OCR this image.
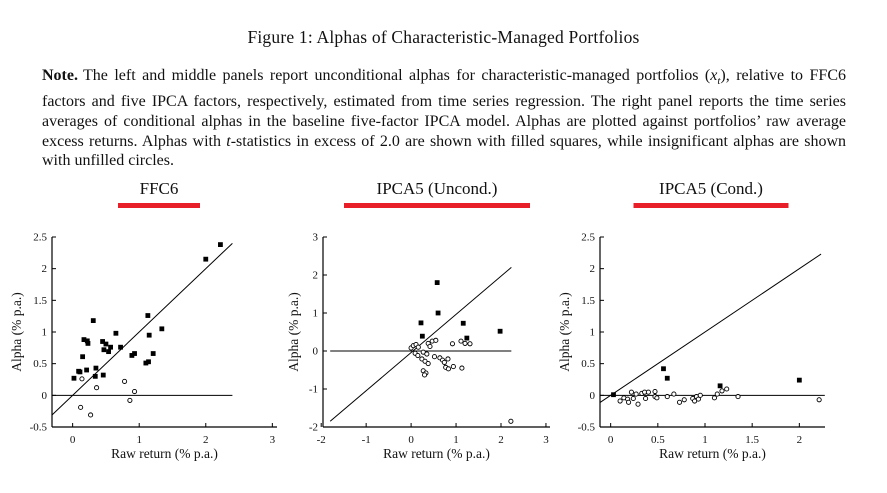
Figure 1: Alphas of Characteristic-Managed Portfolios

Note. The left and middle panels report unconditional alphas for characteristic-managed portfolios $(x_t)$, relative to FFC6 factors and five IPCA factors, respectively, estimated from time series regression. The right panel reports the time series averages of conditional alphas in the baseline five-factor IPCA model. Alphas are plotted against portfolios’ raw average excess returns. Alphas with t-statistics in excess of 2.0 are shown with filled squares, while insignificant alphas are shown with unfilled circles.

FFC6	IPCA5 (Uncond.)	IPCA5 (Cond.)
0	1	2	3
-0.5
0
0.5
1
1.5
2
2.5
Raw return (% p.a.)
Alpha (% p.a.)
-2	-1	0	1	2	3
-2
-1
0
1
2
3
Raw return (% p.a.)
Alpha (% p.a.)
0	0.5	1	1.5	2
-0.5
0
0.5
1
1.5
2
2.5
Raw return (% p.a.)
Alpha (% p.a.)
